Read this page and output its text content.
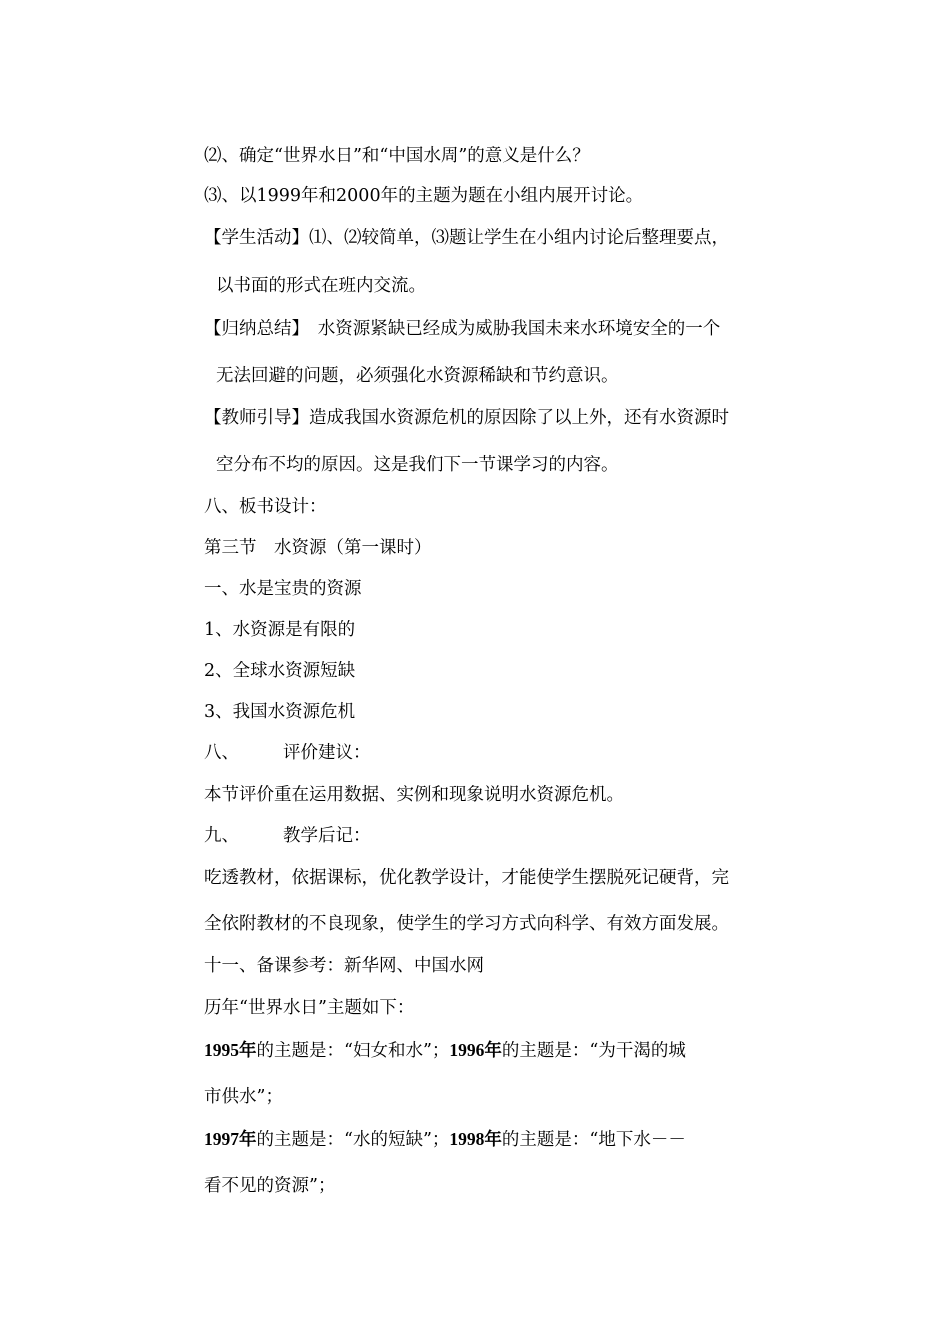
⑵、确定“世界水日”和“中国水周”的意义是什么？
⑶、以1999年和2000年的主题为题在小组内展开讨论。
【学生活动】⑴、⑵较简单，⑶题让学生在小组内讨论后整理要点，
以书面的形式在班内交流。
【归纳总结】　水资源紧缺已经成为威胁我国未来水环境安全的一个
无法回避的问题，必须强化水资源稀缺和节约意识。
【教师引导】造成我国水资源危机的原因除了以上外，还有水资源时
空分布不均的原因。这是我们下一节课学习的内容。
八、板书设计：
第三节　水资源（第一课时）
一、水是宝贵的资源
1、水资源是有限的
2、全球水资源短缺
3、我国水资源危机
八、	评价建议：
本节评价重在运用数据、实例和现象说明水资源危机。
九、	教学后记：
吃透教材，依据课标，优化教学设计，才能使学生摆脱死记硬背，完
全依附教材的不良现象，使学生的学习方式向科学、有效方面发展。
十一、备课参考：新华网、中国水网
历年“世界水日”主题如下：
1995年的主题是：“妇女和水”；1996年的主题是：“为干渴的城
市供水”；
1997年的主题是：“水的短缺”；1998年的主题是：“地下水－－
看不见的资源”；
